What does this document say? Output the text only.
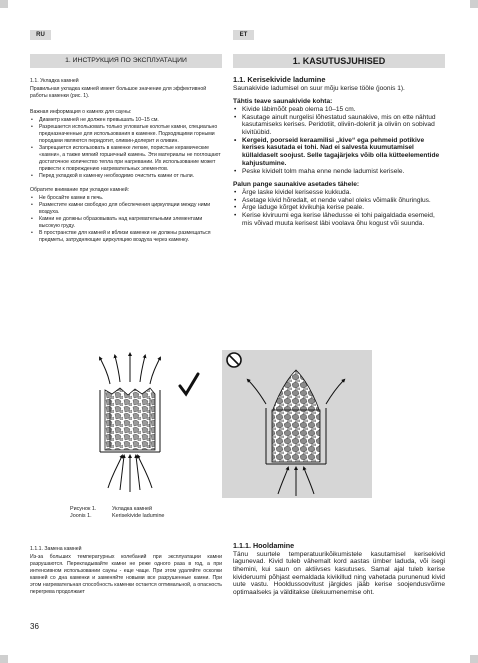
RU	ET
1. ИНСТРУКЦИЯ ПО ЭКСПЛУАТАЦИИ	1. KASUTUSJUHISED

1.1. Укладка камней

Правильная укладка камней имеет большое значение для эффективной работы каменки (рис. 1).

Важная информация о камнях для сауны:

• Диаметр камней не должен превышать 10–15 см.
• Разрешается использовать только угловатые колотые камни, специально предназначенные для использования в каменке. Подходящими горными породами являются перидотит, оливин-долерит и оливин.
• Запрещается использовать в каменке легкие, пористые керамические «камни», а также мягкий горшечный камень. Эти материалы не поглощают достаточное количество тепла при нагревании. Их использование может привести к повреждению нагревательных элементов.
• Перед укладкой в каменку необходимо очистить камни от пыли.

Обратите внимание при укладке камней:

• Не бросайте камни в печь.
• Разместите камни свободно для обеспечения циркуляции между ними воздуха.
• Камни не должны образовывать над нагревательными элементами высокую груду.
• В пространстве для камней и вблизи каменки не должны размещаться предметы, затрудняющие циркуляцию воздуха через каменку.

1.1. Kerisekivide ladumine

Saunakivide ladumisel on suur mõju kerise tööle (joonis 1).

Tähtis teave saunakivide kohta:

• Kivide läbimõõt peab olema 10–15 cm.
• Kasutage ainult nurgelisi lõhestatud saunakive, mis on ette nähtud kasutamiseks kerises. Peridotiit, oliviin-doleriit ja oliviin on sobivad kivitüübid.
• Kergeid, poorseid keraamilisi „kive“ ega pehmeid potikive kerises kasutada ei tohi. Nad ei salvesta kuumutamisel küllaldaselt soojust. Selle tagajärjeks võib olla kütteelementide kahjustumine.
• Peske kividelt tolm maha enne nende ladumist kerisele.

Palun pange saunakive asetades tähele:

• Ärge laske kividel kerisesse kukkuda.
• Asetage kivid hõredalt, et nende vahel oleks võimalik õhuringlus.
• Ärge laduge kõrget kivikuhja kerise peale.
• Kerise kiviruumi ega kerise lähedusse ei tohi paigaldada esemeid, mis võivad muuta kerisest läbi voolava õhu kogust või suunda.
Рисунок 1.	Укладка камней
Joonis 1.	Kerisekivide ladumine

1.1.1. Замена камней

Из-за больших температурных колебаний при эксплуатации камни разрушаются. Перекладывайте камни не реже одного раза в год, а при интенсивном использовании сауны - еще чаще. При этом удаляйте осколки камней со дна каменки и заменяйте новыми все разрушенные камни. При этом нагревательная способность каменки остается оптимальной, а опасность перегрева продолжает

1.1.1. Hooldamine

Tänu suurtele temperatuurikõikumistele kasutamisel kerisekivid lagunevad. Kivid tuleb vähemalt kord aastas ümber laduda, või isegi tihemini, kui saun on aktiivses kasutuses. Samal ajal tuleb kerise kivideruumi põhjast eemaldada kivikillud ning vahetada purunenud kivid uute vastu. Hooldussoovitust järgides jääb kerise soojendusvõime optimaalseks ja välditakse ülekuumenemise oht.

36
